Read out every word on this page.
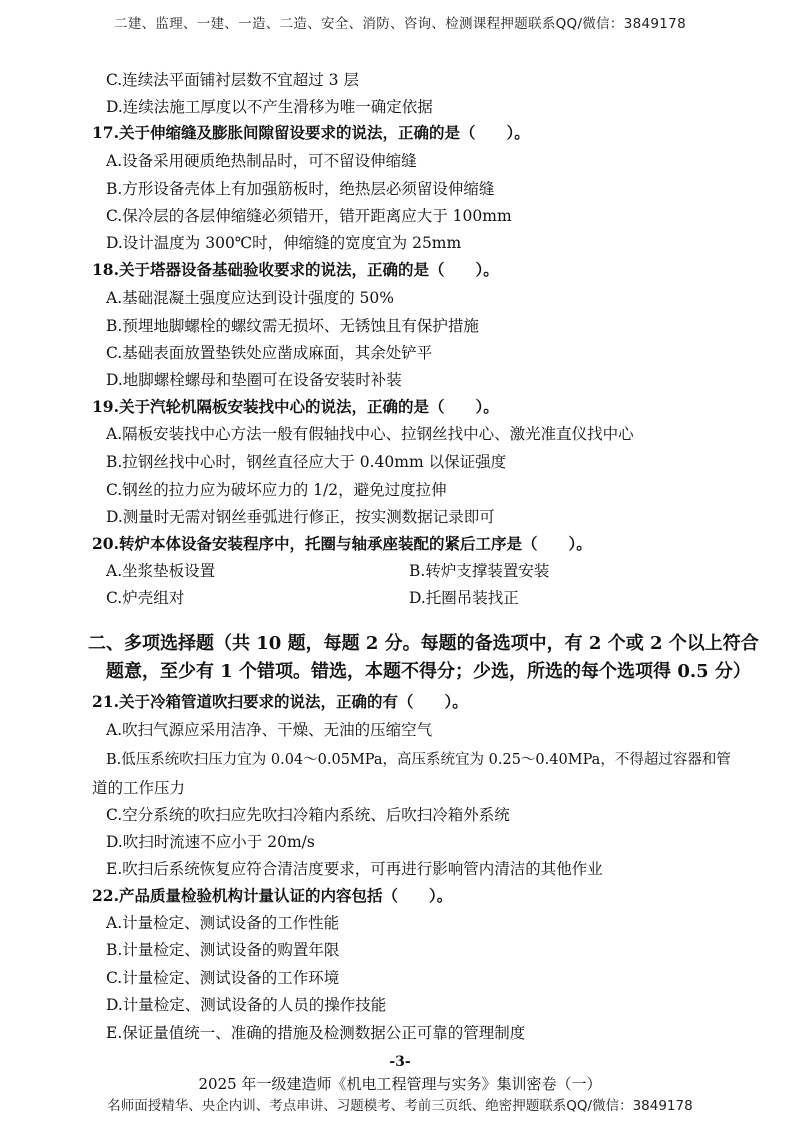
二建、监理、一建、一造、二造、安全、消防、咨询、检测课程押题联系QQ/微信：3849178
C.连续法平面铺衬层数不宜超过 3 层
D.连续法施工厚度以不产生滑移为唯一确定依据
17.关于伸缩缝及膨胀间隙留设要求的说法，正确的是（　　）。
A.设备采用硬质绝热制品时，可不留设伸缩缝
B.方形设备壳体上有加强筋板时，绝热层必须留设伸缩缝
C.保冷层的各层伸缩缝必须错开，错开距离应大于 100mm
D.设计温度为 300℃时，伸缩缝的宽度宜为 25mm
18.关于塔器设备基础验收要求的说法，正确的是（　　）。
A.基础混凝土强度应达到设计强度的 50%
B.预埋地脚螺栓的螺纹需无损坏、无锈蚀且有保护措施
C.基础表面放置垫铁处应凿成麻面，其余处铲平
D.地脚螺栓螺母和垫圈可在设备安装时补装
19.关于汽轮机隔板安装找中心的说法，正确的是（　　）。
A.隔板安装找中心方法一般有假轴找中心、拉钢丝找中心、激光准直仪找中心
B.拉钢丝找中心时，钢丝直径应大于 0.40mm 以保证强度
C.钢丝的拉力应为破坏应力的 1/2，避免过度拉伸
D.测量时无需对钢丝垂弧进行修正，按实测数据记录即可
20.转炉本体设备安装程序中，托圈与轴承座装配的紧后工序是（　　）。
A.坐浆垫板设置	B.转炉支撑装置安装
C.炉壳组对	D.托圈吊装找正
二、多项选择题（共 10 题，每题 2 分。每题的备选项中，有 2 个或 2 个以上符合
题意，至少有 1 个错项。错选，本题不得分；少选，所选的每个选项得 0.5 分）
21.关于冷箱管道吹扫要求的说法，正确的有（　　）。
A.吹扫气源应采用洁净、干燥、无油的压缩空气
B.低压系统吹扫压力宜为 0.04～0.05MPa，高压系统宜为 0.25～0.40MPa，不得超过容器和管
道的工作压力
C.空分系统的吹扫应先吹扫冷箱内系统、后吹扫冷箱外系统
D.吹扫时流速不应小于 20m/s
E.吹扫后系统恢复应符合清洁度要求，可再进行影响管内清洁的其他作业
22.产品质量检验机构计量认证的内容包括（　　）。
A.计量检定、测试设备的工作性能
B.计量检定、测试设备的购置年限
C.计量检定、测试设备的工作环境
D.计量检定、测试设备的人员的操作技能
E.保证量值统一、准确的措施及检测数据公正可靠的管理制度
-3-
2025 年一级建造师《机电工程管理与实务》集训密卷（一）
名师面授精华、央企内训、考点串讲、习题模考、考前三页纸、绝密押题联系QQ/微信：3849178
